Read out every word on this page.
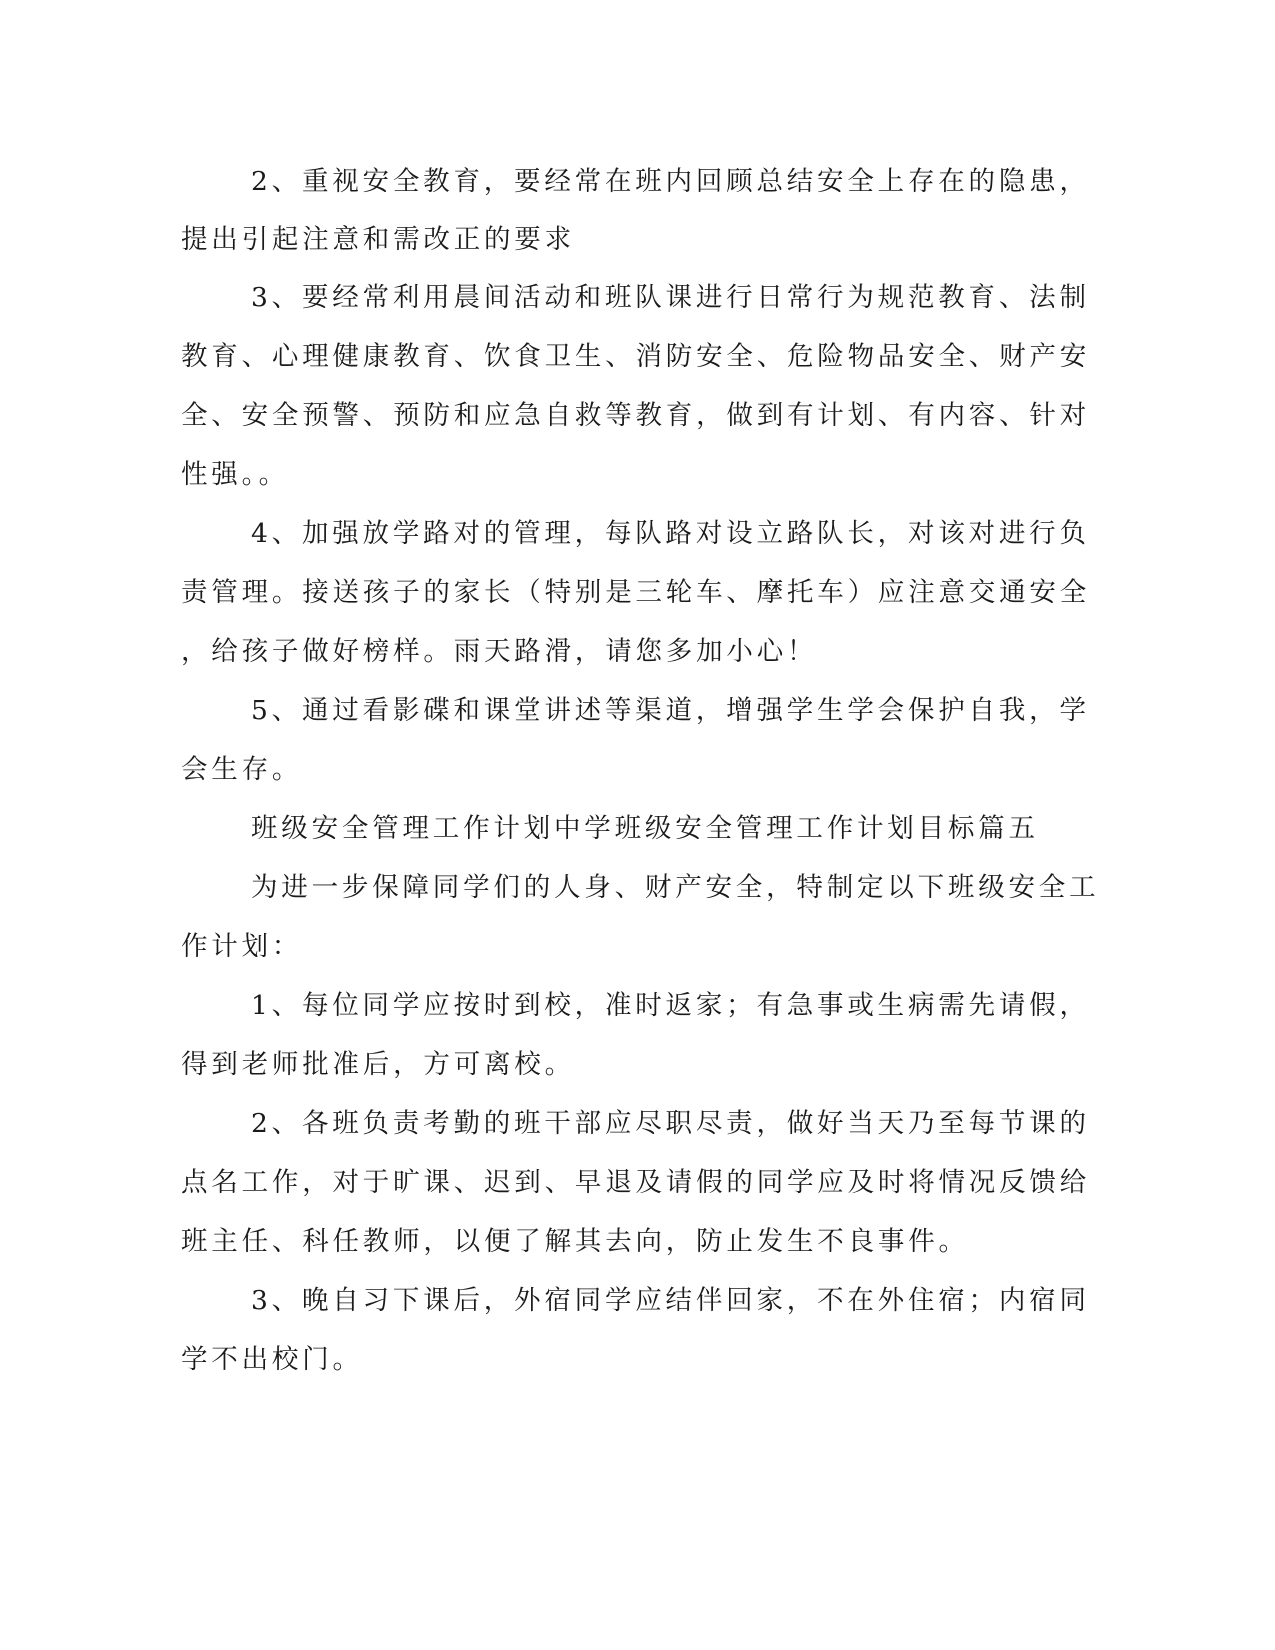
2、重视安全教育，要经常在班内回顾总结安全上存在的隐患，
提出引起注意和需改正的要求
3、要经常利用晨间活动和班队课进行日常行为规范教育、法制
教育、心理健康教育、饮食卫生、消防安全、危险物品安全、财产安
全、安全预警、预防和应急自救等教育，做到有计划、有内容、针对
性强。。
4、加强放学路对的管理，每队路对设立路队长，对该对进行负
责管理。接送孩子的家长（特别是三轮车、摩托车）应注意交通安全
，给孩子做好榜样。雨天路滑，请您多加小心！
5、通过看影碟和课堂讲述等渠道，增强学生学会保护自我，学
会生存。
班级安全管理工作计划中学班级安全管理工作计划目标篇五
为进一步保障同学们的人身、财产安全，特制定以下班级安全工
作计划：
1、每位同学应按时到校，准时返家；有急事或生病需先请假，
得到老师批准后，方可离校。
2、各班负责考勤的班干部应尽职尽责，做好当天乃至每节课的
点名工作，对于旷课、迟到、早退及请假的同学应及时将情况反馈给
班主任、科任教师，以便了解其去向，防止发生不良事件。
3、晚自习下课后，外宿同学应结伴回家，不在外住宿；内宿同
学不出校门。
